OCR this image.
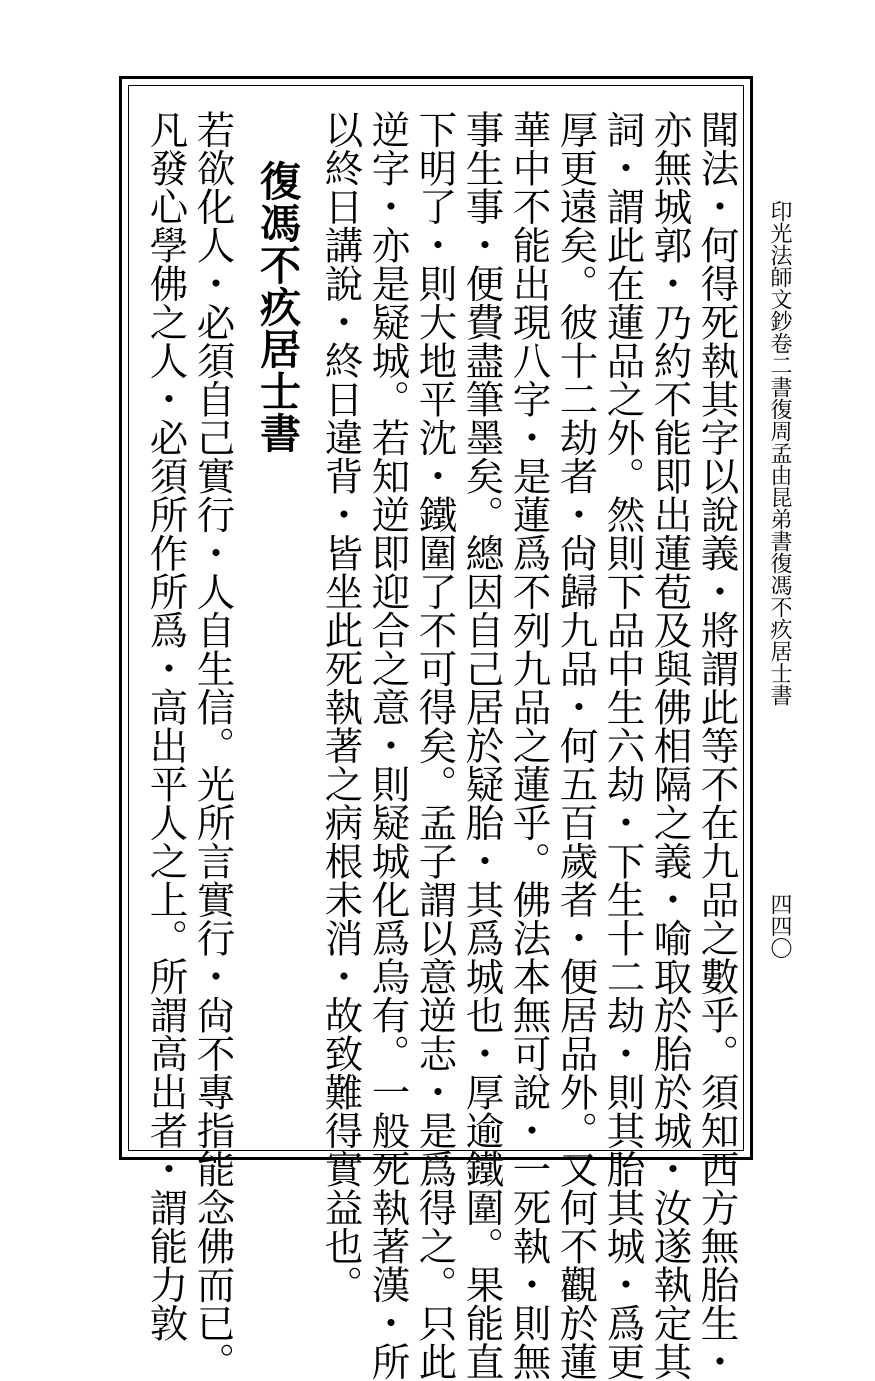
印光法師文鈔卷二書復周孟由昆弟書復馮不疚居士書
四四〇
聞法・何得死執其字以說義・將謂此等不在九品之數乎。須知西方無胎生・
亦無城郭・乃約不能即出蓮苞及與佛相隔之義・喻取於胎於城・汝遂執定其
詞・謂此在蓮品之外。然則下品中生六劫・下生十二劫・則其胎其城・爲更
厚更遠矣。彼十二劫者・尙歸九品・何五百歲者・便居品外。又何不觀於蓮
華中不能出現八字・是蓮爲不列九品之蓮乎。佛法本無可說・一死執・則無
事生事・便費盡筆墨矣。總因自己居於疑胎・其爲城也・厚逾鐵圍。果能直
下明了・則大地平沈・鐵圍了不可得矣。孟子謂以意逆志・是爲得之。只此
逆字・亦是疑城。若知逆即迎合之意・則疑城化爲烏有。一般死執著漢・所
以終日講說・終日違背・皆坐此死執著之病根未消・故致難得實益也。
復馮不疚居士書
若欲化人・必須自己實行・人自生信。光所言實行・尙不專指能念佛而已。
凡發心學佛之人・必須所作所爲・高出平人之上。所謂高出者・謂能力敦
